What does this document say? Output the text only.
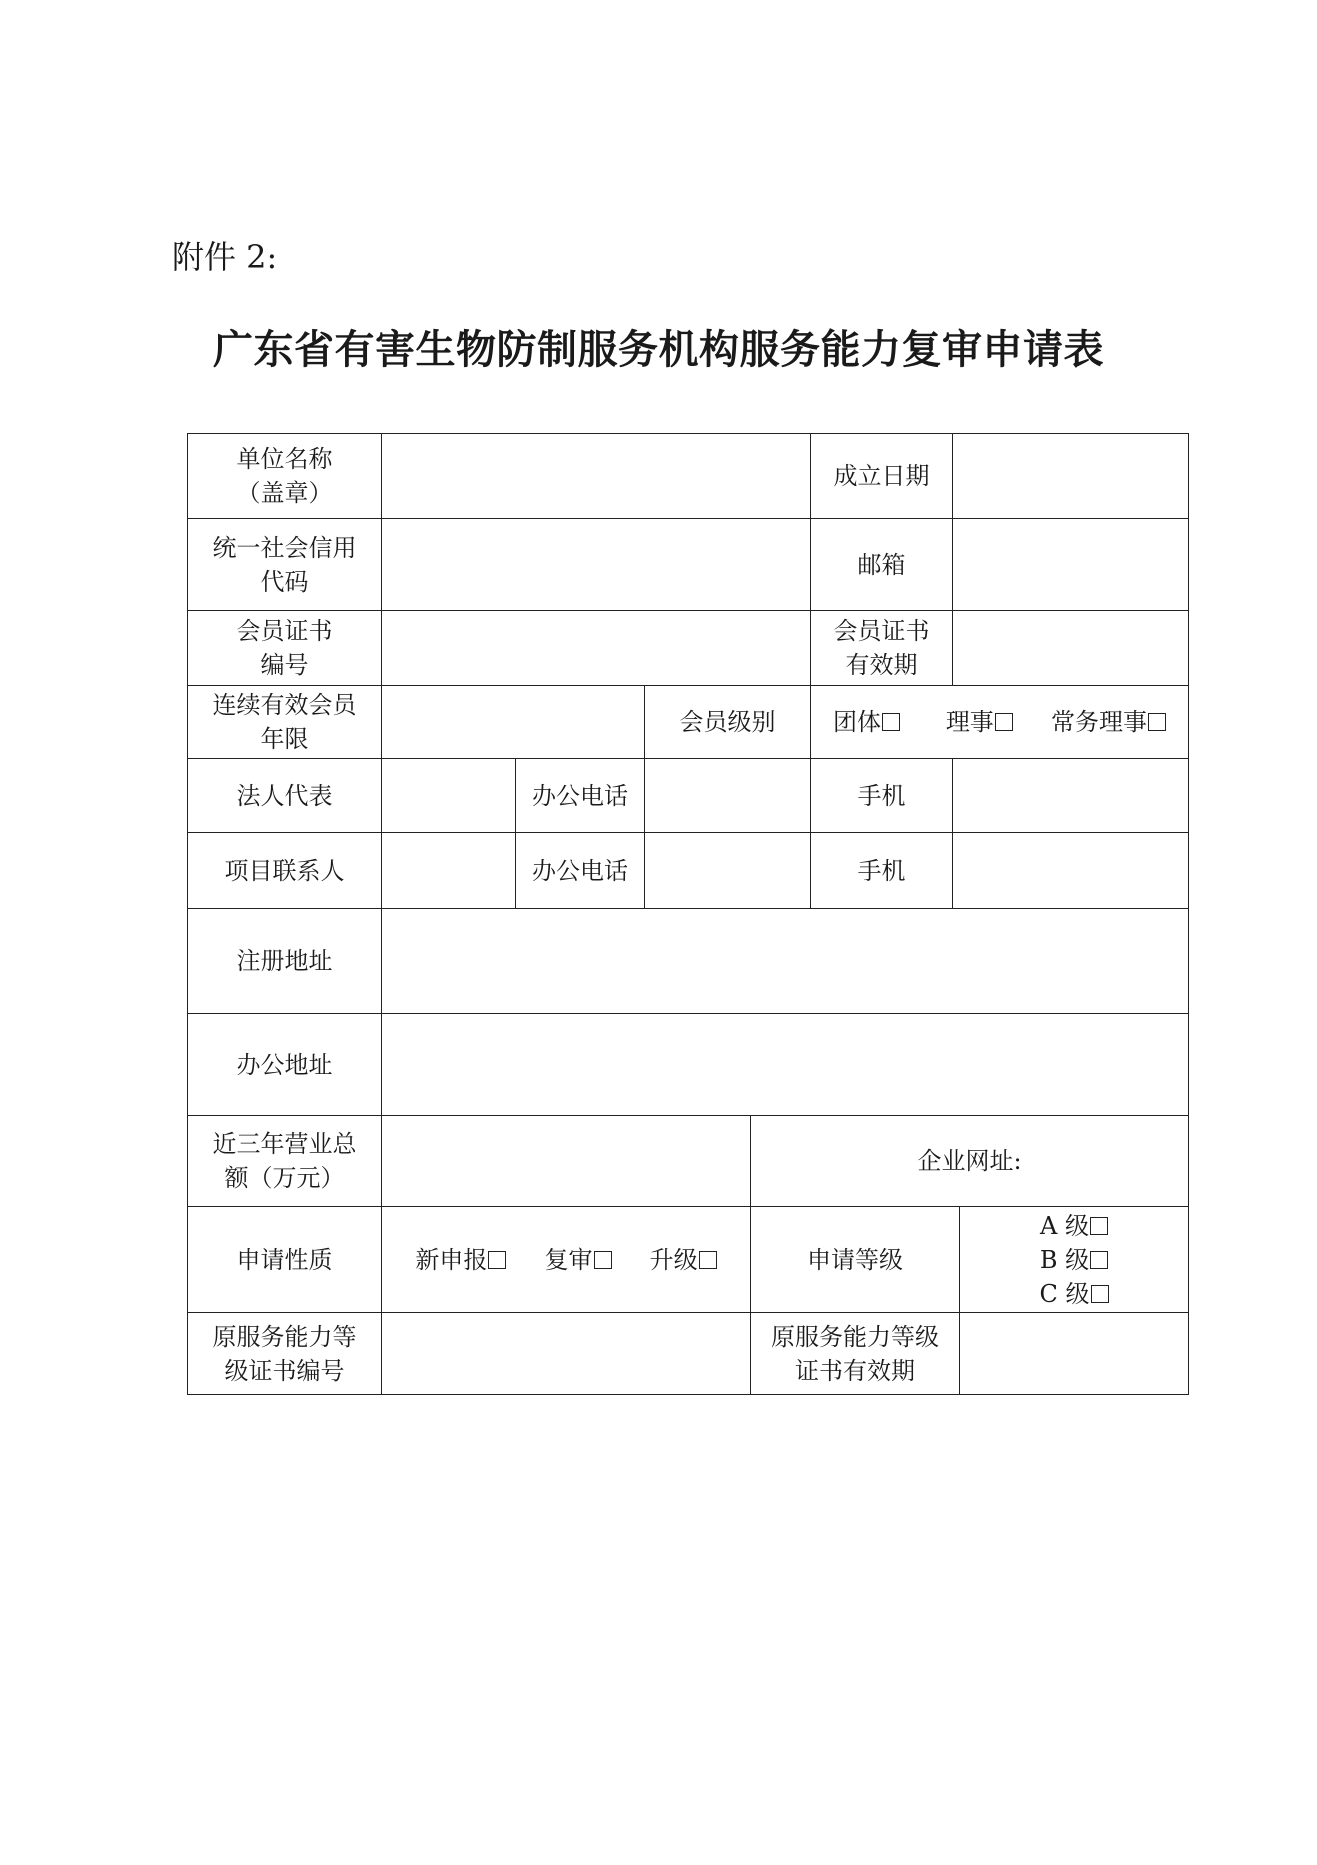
附件 2:
广东省有害生物防制服务机构服务能力复审申请表
单位名称
（盖章）					成立日期		

统一社会信用
代码					邮箱		

会员证书
编号					会员证书
有效期		

连续有效会员
年限			会员级别		团体 理事 常务理事		
法人代表		办公电话			手机		
项目联系人		办公电话			手机		
注册地址							
办公地址							

近三年营业总
额（万元）				企业网址:			
申请性质	新申报 复审 升级			申请等级			A 级
B 级
C 级

原服务能力等
级证书编号				原服务能力等级
证书有效期			
